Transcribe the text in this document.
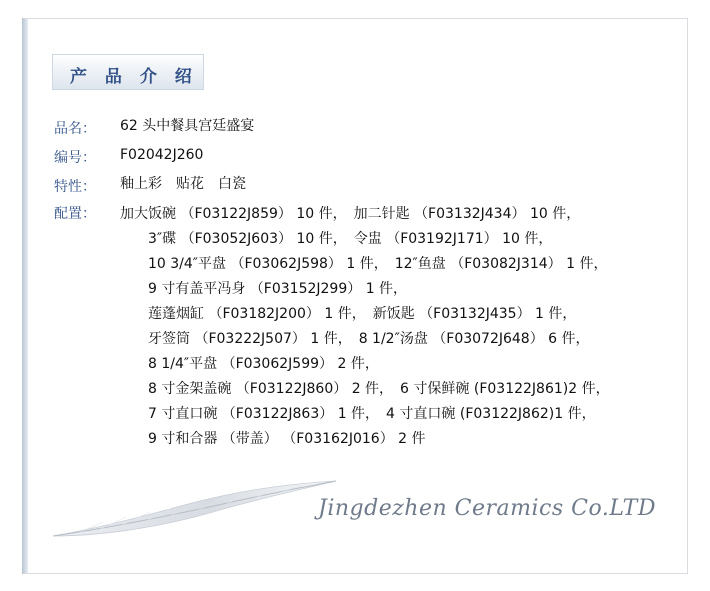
产 品 介 绍
品名：	62 头中餐具宫廷盛宴
编号：	F02042J260
特性：	釉上彩　贴花　白瓷
配置：	加大饭碗 （F03122J859） 10 件，　加二针匙 （F03132J434） 10 件，
3″碟 （F03052J603） 10 件，　令盅 （F03192J171） 10 件，
10 3/4″平盘 （F03062J598） 1 件，　12″鱼盘 （F03082J314） 1 件，
9 寸有盖平冯身 （F03152J299） 1 件，
莲蓬烟缸 （F03182J200） 1 件，　新饭匙 （F03132J435） 1 件，
牙签筒 （F03222J507） 1 件，　8 1/2″汤盘 （F03072J648） 6 件，
8 1/4″平盘 （F03062J599） 2 件，
8 寸金架盖碗 （F03122J860） 2 件，　6 寸保鲜碗 (F03122J861)2 件，
7 寸直口碗 （F03122J863） 1 件，　4 寸直口碗 (F03122J862)1 件，
9 寸和合器 （带盖） （F03162J016） 2 件
Jingdezhen Ceramics Co.LTD
